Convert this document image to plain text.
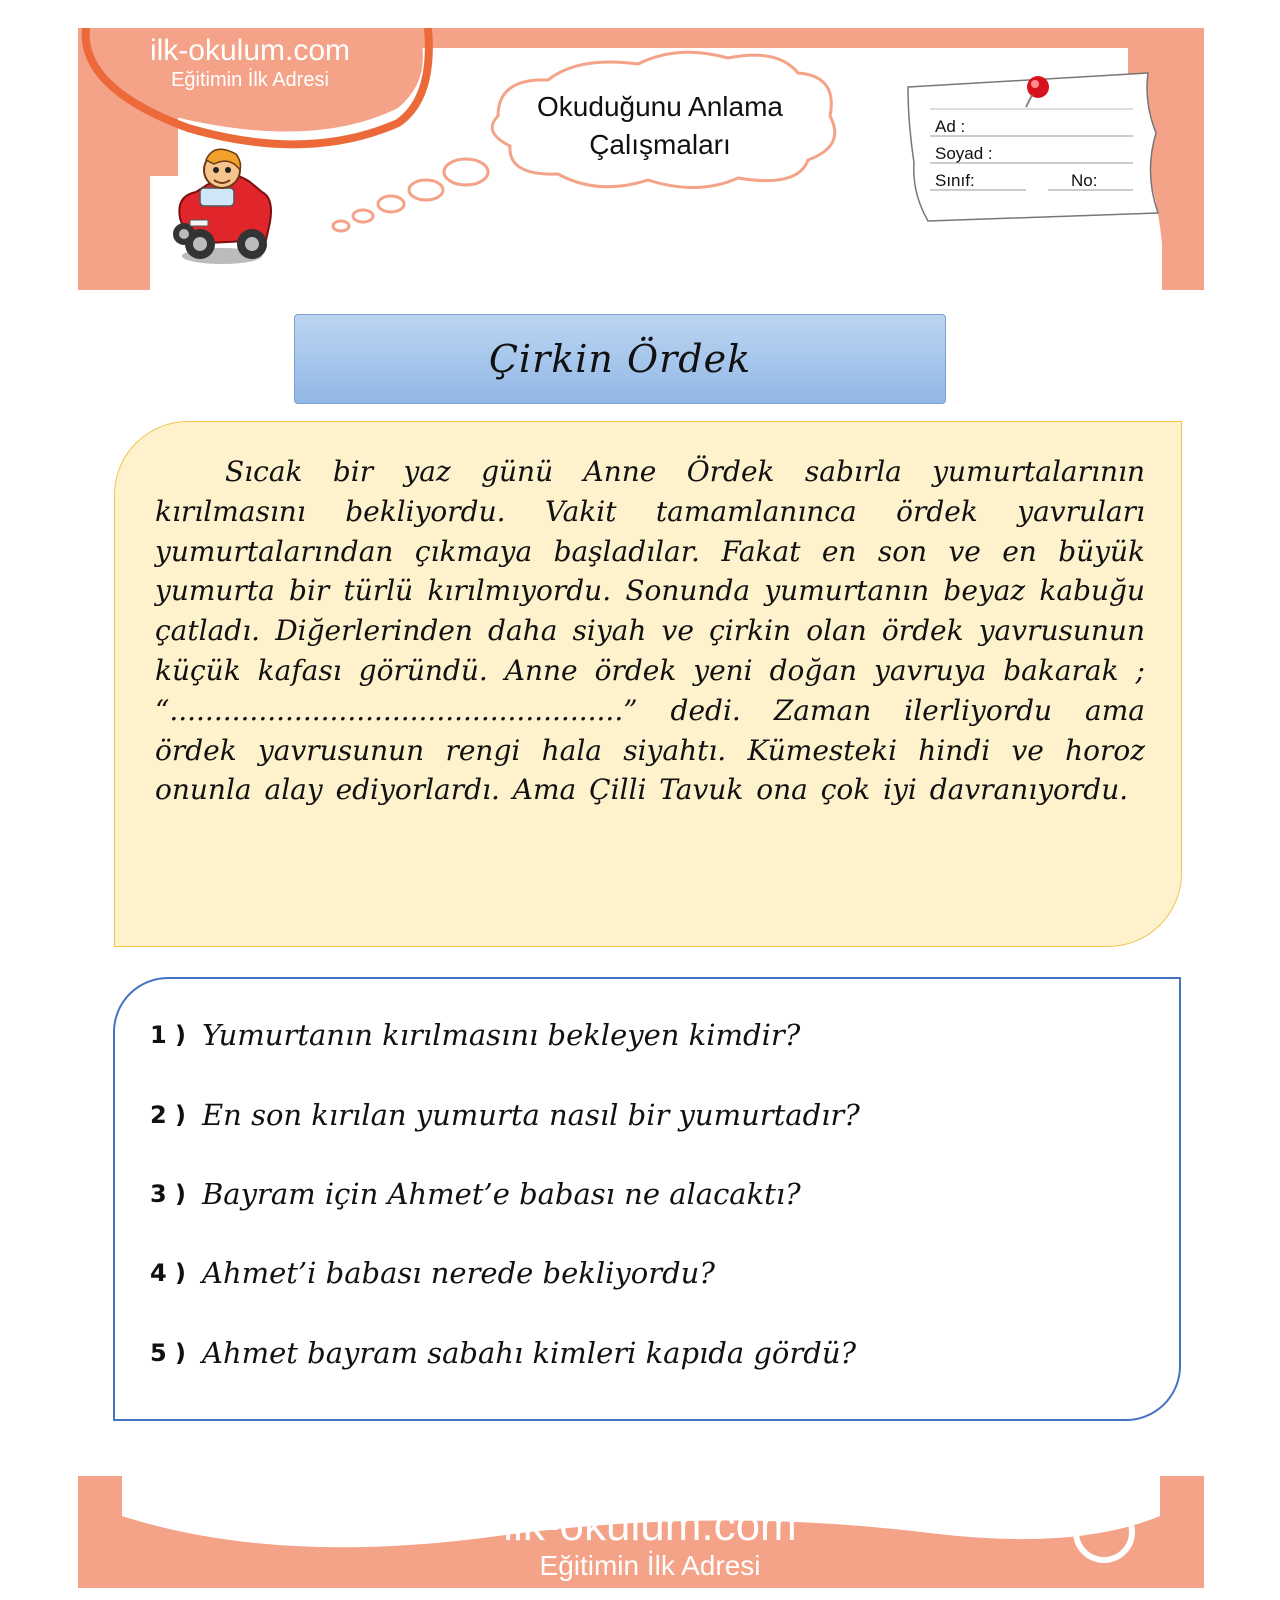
ilk-okulum.com
Eğitimin İlk Adresi
Okuduğunu Anlama
Çalışmaları
Ad :
Soyad :
Sınıf:	No:
Çirkin Ördek
Sıcak bir yaz günü Anne Ördek sabırla yumurtalarının kırılmasını bekliyordu. Vakit tamamlanınca ördek yavruları yumurtalarından çıkmaya başladılar. Fakat en son ve en büyük yumurta bir türlü kırılmıyordu. Sonunda yumurtanın beyaz kabuğu çatladı. Diğerlerinden daha siyah ve çirkin olan ördek yavrusunun küçük kafası göründü. Anne ördek yeni doğan yavruya bakarak ; “...................................................” dedi. Zaman ilerliyordu ama ördek yavrusunun rengi hala siyahtı. Kümesteki hindi ve horoz onunla alay ediyorlardı. Ama Çilli Tavuk ona çok iyi davranıyordu.
1 ) Yumurtanın kırılmasını bekleyen kimdir?
2 ) En son kırılan yumurta nasıl bir yumurtadır?
3 ) Bayram için Ahmet’e babası ne alacaktı?
4 ) Ahmet’i babası nerede bekliyordu?
5 ) Ahmet bayram sabahı kimleri kapıda gördü?
ilk-okulum.com
Eğitimin İlk Adresi
